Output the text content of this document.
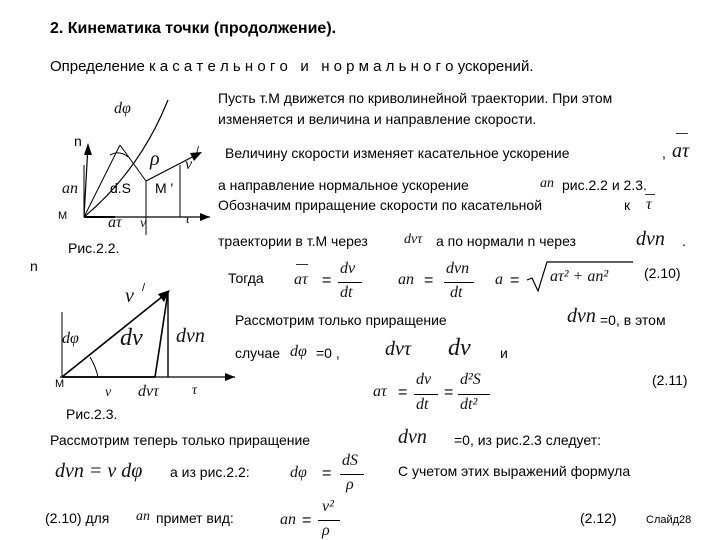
2. Кинематика точки (продолжение).
Определение к а с а т е л ь н о г о   и   н о р м а л ь н о г о ускорений.
Пусть т.M движется по криволинейной траектории. При этом
изменяется и величина и направление скорости.
Величину скорости изменяет касательное ускорение	, aτ
а направление нормальное ускорение	рис.2.2 и 2.3.
an
Обозначим приращение скорости по касательной	к τ
траектории в т.M через	dvτ а по нормали n через	dvn .
Тогда aτ =
dv
dt
an =
dvn
dt
a = aτ² + an²	(2.10)
Рассмотрим только приращение	dvn =0, в этом
случае dφ =0 , dvτ dv и
aτ =
dv
dt
=
d²S
dt²
(2.11)
Рассмотрим теперь только приращение	dvn =0, из рис.2.3 следует:
dvn = v dφ а из рис.2.2:	dφ =
dS
ρ
С учетом этих выражений формула
(2.10) для an примет вид:	an =
v²
ρ
(2.12)	Слайд28
dφ
n
ρ v
/
an d.S M '
M	aτ v	τ
Рис.2.2.
n
v /
dvn
dv
dφ
M
v dvτ τ
Рис.2.3.
